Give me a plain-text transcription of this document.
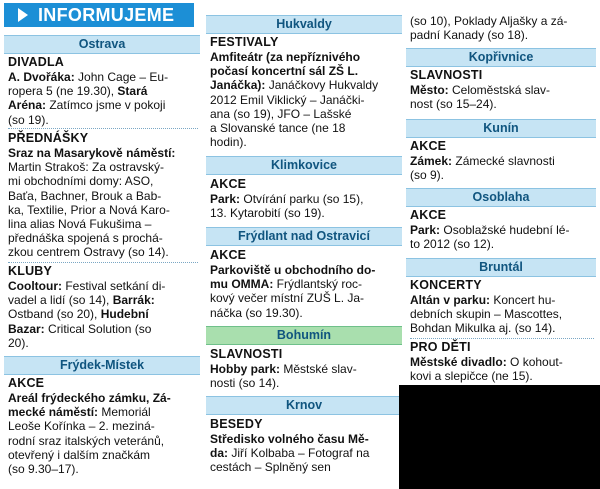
INFORMUJEME
Ostrava
DIVADLA

A. Dvořáka: John Cage – Eu-

ropera 5 (ne 19.30), Stará

Aréna: Zatímco jsme v pokoji

(so 19).

PŘEDNÁŠKY

Sraz na Masarykově náměstí:

Martin Strakoš: Za ostravský-

mi obchodními domy: ASO,

Baťa, Bachner, Brouk a Bab-

ka, Textilie, Prior a Nová Karo-

lina alias Nová Fukušima –

přednáška spojená s prochá-

zkou centrem Ostravy (so 14).

KLUBY

Cooltour: Festival setkání di-

vadel a lidí (so 14), Barrák:

Ostband (so 20), Hudební

Bazar: Critical Solution (so

20).

Frýdek-Místek
AKCE

Areál frýdeckého zámku, Zá-

mecké náměstí: Memoriál

Leoše Kořínka – 2. meziná-

rodní sraz italských veteránů,

otevřený i dalším značkám

(so 9.30–17).

Hukvaldy
FESTIVALY

Amfiteátr (za nepříznivého

počasí koncertní sál ZŠ L.

Janáčka): Janáčkovy Hukvaldy

2012 Emil Viklický – Janáčki-

ana (so 19), JFO – Lašské

a Slovanské tance (ne 18

hodin).

Klimkovice
AKCE

Park: Otvírání parku (so 15),

13. Kytarobití (so 19).

Frýdlant nad Ostravicí
AKCE

Parkoviště u obchodního do-

mu OMMA: Frýdlantský roc-

kový večer místní ZUŠ L. Ja-

náčka (so 19.30).

Bohumín
SLAVNOSTI

Hobby park: Městské slav-

nosti (so 14).

Krnov
BESEDY

Středisko volného času Mě-

da: Jiří Kolbaba – Fotograf na

cestách – Splněný sen

(so 10), Poklady Aljašky a zá-

padní Kanady (so 18).

Kopřivnice
SLAVNOSTI

Město: Celoměstská slav-

nost (so 15–24).

Kunín
AKCE

Zámek: Zámecké slavnosti

(so 9).

Osoblaha
AKCE

Park: Osoblažské hudební lé-

to 2012 (so 12).

Bruntál
KONCERTY

Altán v parku: Koncert hu-

debních skupin – Mascottes,

Bohdan Mikulka aj. (so 14).

PRO DĚTI

Městské divadlo: O kohout-

kovi a slepičce (ne 15).
